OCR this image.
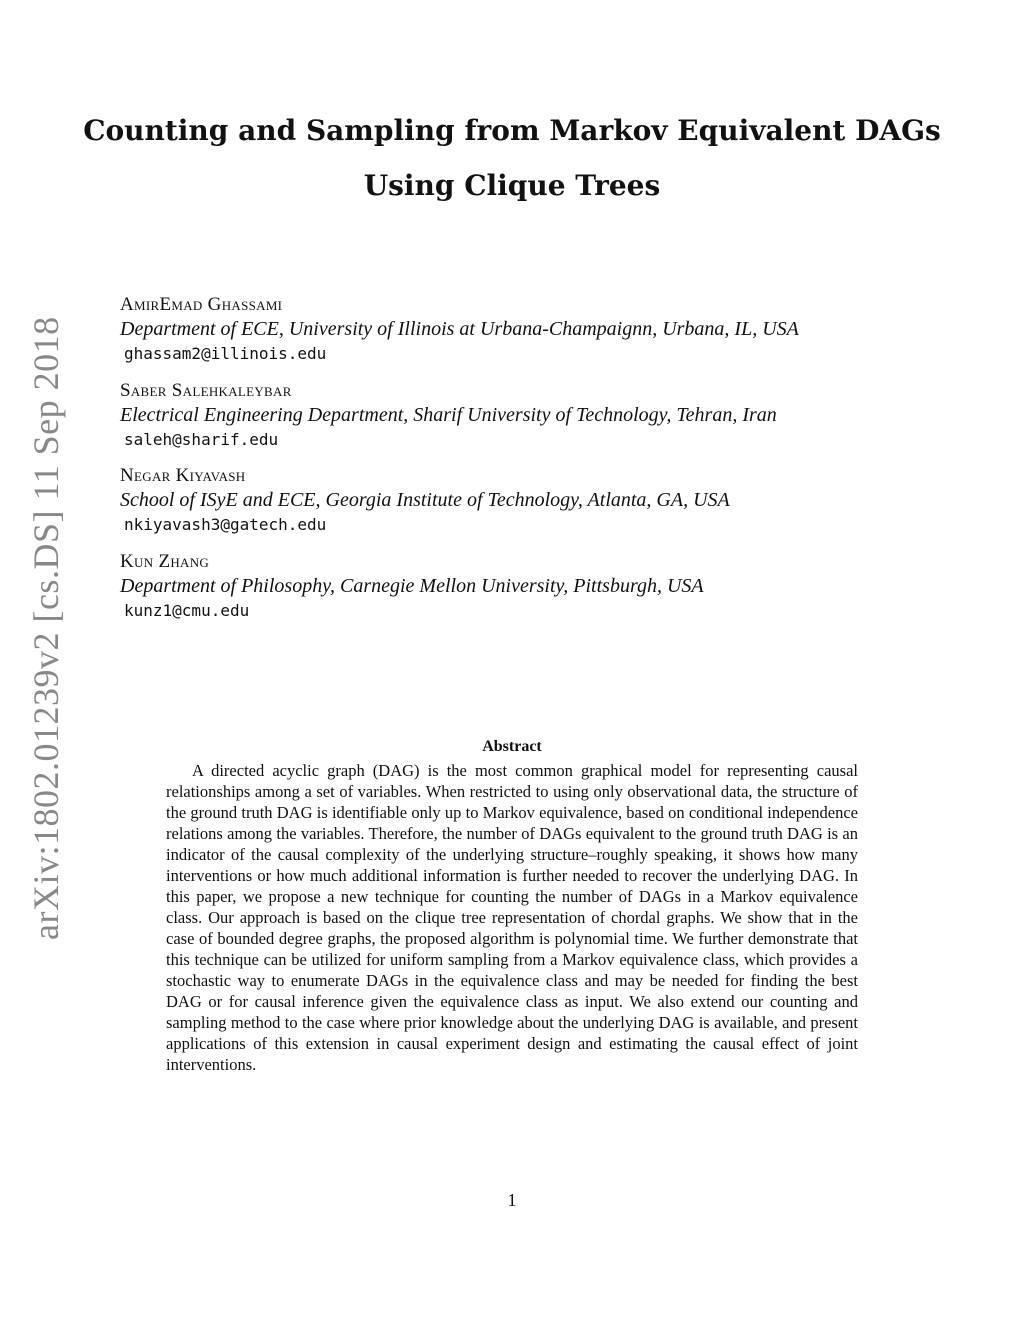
Counting and Sampling from Markov Equivalent DAGs
Using Clique Trees
arXiv:1802.01239v2 [cs.DS] 11 Sep 2018
AmirEmad Ghassami
Department of ECE, University of Illinois at Urbana-Champaignn, Urbana, IL, USA
ghassam2@illinois.edu
Saber Salehkaleybar
Electrical Engineering Department, Sharif University of Technology, Tehran, Iran
saleh@sharif.edu
Negar Kiyavash
School of ISyE and ECE, Georgia Institute of Technology, Atlanta, GA, USA
nkiyavash3@gatech.edu
Kun Zhang
Department of Philosophy, Carnegie Mellon University, Pittsburgh, USA
kunz1@cmu.edu
Abstract
A directed acyclic graph (DAG) is the most common graphical model for representing causal relationships among a set of variables. When restricted to using only observational data, the structure of the ground truth DAG is identifiable only up to Markov equivalence, based on conditional independence relations among the variables. Therefore, the number of DAGs equivalent to the ground truth DAG is an indicator of the causal complexity of the underlying structure–roughly speaking, it shows how many interventions or how much additional information is further needed to recover the underlying DAG. In this paper, we propose a new technique for counting the number of DAGs in a Markov equivalence class. Our approach is based on the clique tree representation of chordal graphs. We show that in the case of bounded degree graphs, the proposed algorithm is polynomial time. We further demonstrate that this technique can be utilized for uniform sampling from a Markov equivalence class, which provides a stochastic way to enumerate DAGs in the equivalence class and may be needed for finding the best DAG or for causal inference given the equivalence class as input. We also extend our counting and sampling method to the case where prior knowledge about the underlying DAG is available, and present applications of this extension in causal experiment design and estimating the causal effect of joint interventions.
1
